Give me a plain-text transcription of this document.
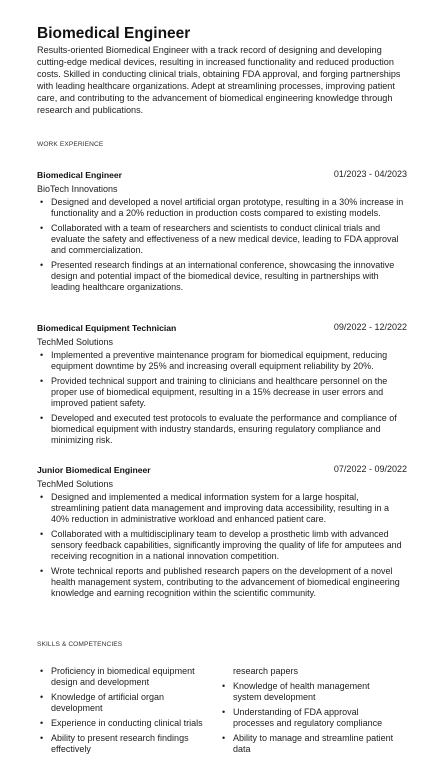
Biomedical Engineer

Results-oriented Biomedical Engineer with a track record of designing and developing cutting-edge medical devices, resulting in increased functionality and reduced production costs. Skilled in conducting clinical trials, obtaining FDA approval, and forging partnerships with leading healthcare organizations. Adept at streamlining processes, improving patient care, and contributing to the advancement of biomedical engineering knowledge through research and publications.

WORK EXPERIENCE
Biomedical Engineer	01/2023 - 04/2023
BioTech Innovations
• Designed and developed a novel artificial organ prototype, resulting in a 30% increase in functionality and a 20% reduction in production costs compared to existing models.
• Collaborated with a team of researchers and scientists to conduct clinical trials and evaluate the safety and effectiveness of a new medical device, leading to FDA approval and commercialization.
• Presented research findings at an international conference, showcasing the innovative design and potential impact of the biomedical device, resulting in partnerships with leading healthcare organizations.
Biomedical Equipment Technician	09/2022 - 12/2022
TechMed Solutions
• Implemented a preventive maintenance program for biomedical equipment, reducing equipment downtime by 25% and increasing overall equipment reliability by 20%.
• Provided technical support and training to clinicians and healthcare personnel on the proper use of biomedical equipment, resulting in a 15% decrease in user errors and improved patient safety.
• Developed and executed test protocols to evaluate the performance and compliance of biomedical equipment with industry standards, ensuring regulatory compliance and minimizing risk.
Junior Biomedical Engineer	07/2022 - 09/2022
TechMed Solutions
• Designed and implemented a medical information system for a large hospital, streamlining patient data management and improving data accessibility, resulting in a 40% reduction in administrative workload and enhanced patient care.
• Collaborated with a multidisciplinary team to develop a prosthetic limb with advanced sensory feedback capabilities, significantly improving the quality of life for amputees and receiving recognition in a national innovation competition.
• Wrote technical reports and published research papers on the development of a novel health management system, contributing to the advancement of biomedical engineering knowledge and earning recognition within the scientific community.
SKILLS & COMPETENCIES
• Proficiency in biomedical equipment design and development
• Knowledge of artificial organ development
• Experience in conducting clinical trials
• Ability to present research findings effectively
research papers
• Knowledge of health management system development
• Understanding of FDA approval processes and regulatory compliance
• Ability to manage and streamline patient data
